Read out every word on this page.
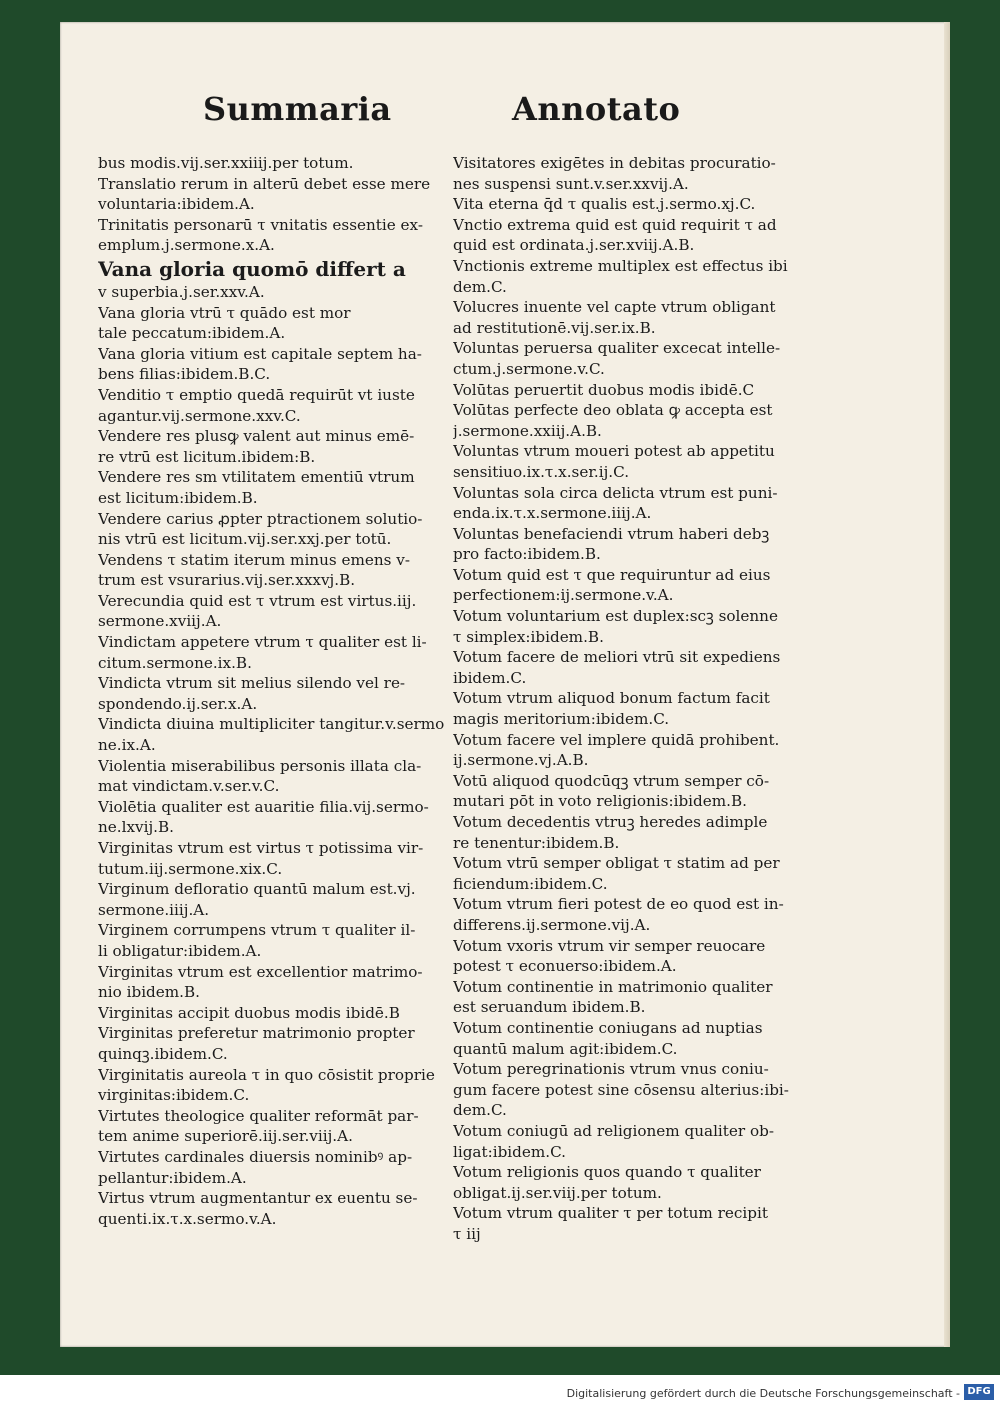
Summaria	Annotato
bus modis.vij.ser.xxiiij.per totum.
Translatio rerum in alterū debet esse mere
voluntaria:ibidem.A.
Trinitatis personarū τ vnitatis essentie ex-
emplum.j.sermone.x.A.
Vana gloria quomō differt a
v superbia.j.ser.xxv.A.
Vana gloria vtrū τ quādo est mor
tale peccatum:ibidem.A.
Vana gloria vitium est capitale septem ha-
bens filias:ibidem.B.C.
Venditio τ emptio quedā requirūt vt iuste
agantur.vij.sermone.xxv.C.
Vendere res plusꝙ valent aut minus emē-
re vtrū est licitum.ibidem:B.
Vendere res sm vtilitatem ementiū vtrum
est licitum:ibidem.B.
Vendere carius ꝓpter ptractionem solutio-
nis vtrū est licitum.vij.ser.xxj.per totū.
Vendens τ statim iterum minus emens v-
trum est vsurarius.vij.ser.xxxvj.B.
Verecundia quid est τ vtrum est virtus.iij.
sermone.xviij.A.
Vindictam appetere vtrum τ qualiter est li-
citum.sermone.ix.B.
Vindicta vtrum sit melius silendo vel re-
spondendo.ij.ser.x.A.
Vindicta diuina multipliciter tangitur.v.sermo
ne.ix.A.
Violentia miserabilibus personis illata cla-
mat vindictam.v.ser.v.C.
Violētia qualiter est auaritie filia.vij.sermo-
ne.lxvij.B.
Virginitas vtrum est virtus τ potissima vir-
tutum.iij.sermone.xix.C.
Virginum defloratio quantū malum est.vj.
sermone.iiij.A.
Virginem corrumpens vtrum τ qualiter il-
li obligatur:ibidem.A.
Virginitas vtrum est excellentior matrimo-
nio ibidem.B.
Virginitas accipit duobus modis ibidē.B
Virginitas preferetur matrimonio propter
quinqꝫ.ibidem.C.
Virginitatis aureola τ in quo cōsistit proprie
virginitas:ibidem.C.
Virtutes theologice qualiter reformāt par-
tem anime superiorē.iij.ser.viij.A.
Virtutes cardinales diuersis nominibꝰ ap-
pellantur:ibidem.A.
Virtus vtrum augmentantur ex euentu se-
quenti.ix.τ.x.sermo.v.A.
Visitatores exigētes in debitas procuratio-
nes suspensi sunt.v.ser.xxvij.A.
Vita eterna q̄d τ qualis est.j.sermo.xj.C.
Vnctio extrema quid est quid requirit τ ad
quid est ordinata.j.ser.xviij.A.B.
Vnctionis extreme multiplex est effectus ibi
dem.C.
Volucres inuente vel capte vtrum obligant
ad restitutionē.vij.ser.ix.B.
Voluntas peruersa qualiter excecat intelle-
ctum.j.sermone.v.C.
Volūtas peruertit duobus modis ibidē.C
Volūtas perfecte deo oblata ꝙ accepta est
j.sermone.xxiij.A.B.
Voluntas vtrum moueri potest ab appetitu
sensitiuo.ix.τ.x.ser.ij.C.
Voluntas sola circa delicta vtrum est puni-
enda.ix.τ.x.sermone.iiij.A.
Voluntas benefaciendi vtrum haberi debꝫ
pro facto:ibidem.B.
Votum quid est τ que requiruntur ad eius
perfectionem:ij.sermone.v.A.
Votum voluntarium est duplex:scꝫ solenne
τ simplex:ibidem.B.
Votum facere de meliori vtrū sit expediens
ibidem.C.
Votum vtrum aliquod bonum factum facit
magis meritorium:ibidem.C.
Votum facere vel implere quidā prohibent.
ij.sermone.vj.A.B.
Votū aliquod quodcūqꝫ vtrum semper cō-
mutari pōt in voto religionis:ibidem.B.
Votum decedentis vtruꝫ heredes adimple
re tenentur:ibidem.B.
Votum vtrū semper obligat τ statim ad per
ficiendum:ibidem.C.
Votum vtrum fieri potest de eo quod est in-
differens.ij.sermone.vij.A.
Votum vxoris vtrum vir semper reuocare
potest τ econuerso:ibidem.A.
Votum continentie in matrimonio qualiter
est seruandum ibidem.B.
Votum continentie coniugans ad nuptias
quantū malum agit:ibidem.C.
Votum peregrinationis vtrum vnus coniu-
gum facere potest sine cōsensu alterius:ibi-
dem.C.
Votum coniugū ad religionem qualiter ob-
ligat:ibidem.C.
Votum religionis quos quando τ qualiter
obligat.ij.ser.viij.per totum.
Votum vtrum qualiter τ per totum recipit
τ iij
Digitalisierung gefördert durch die Deutsche Forschungsgemeinschaft - DFG
